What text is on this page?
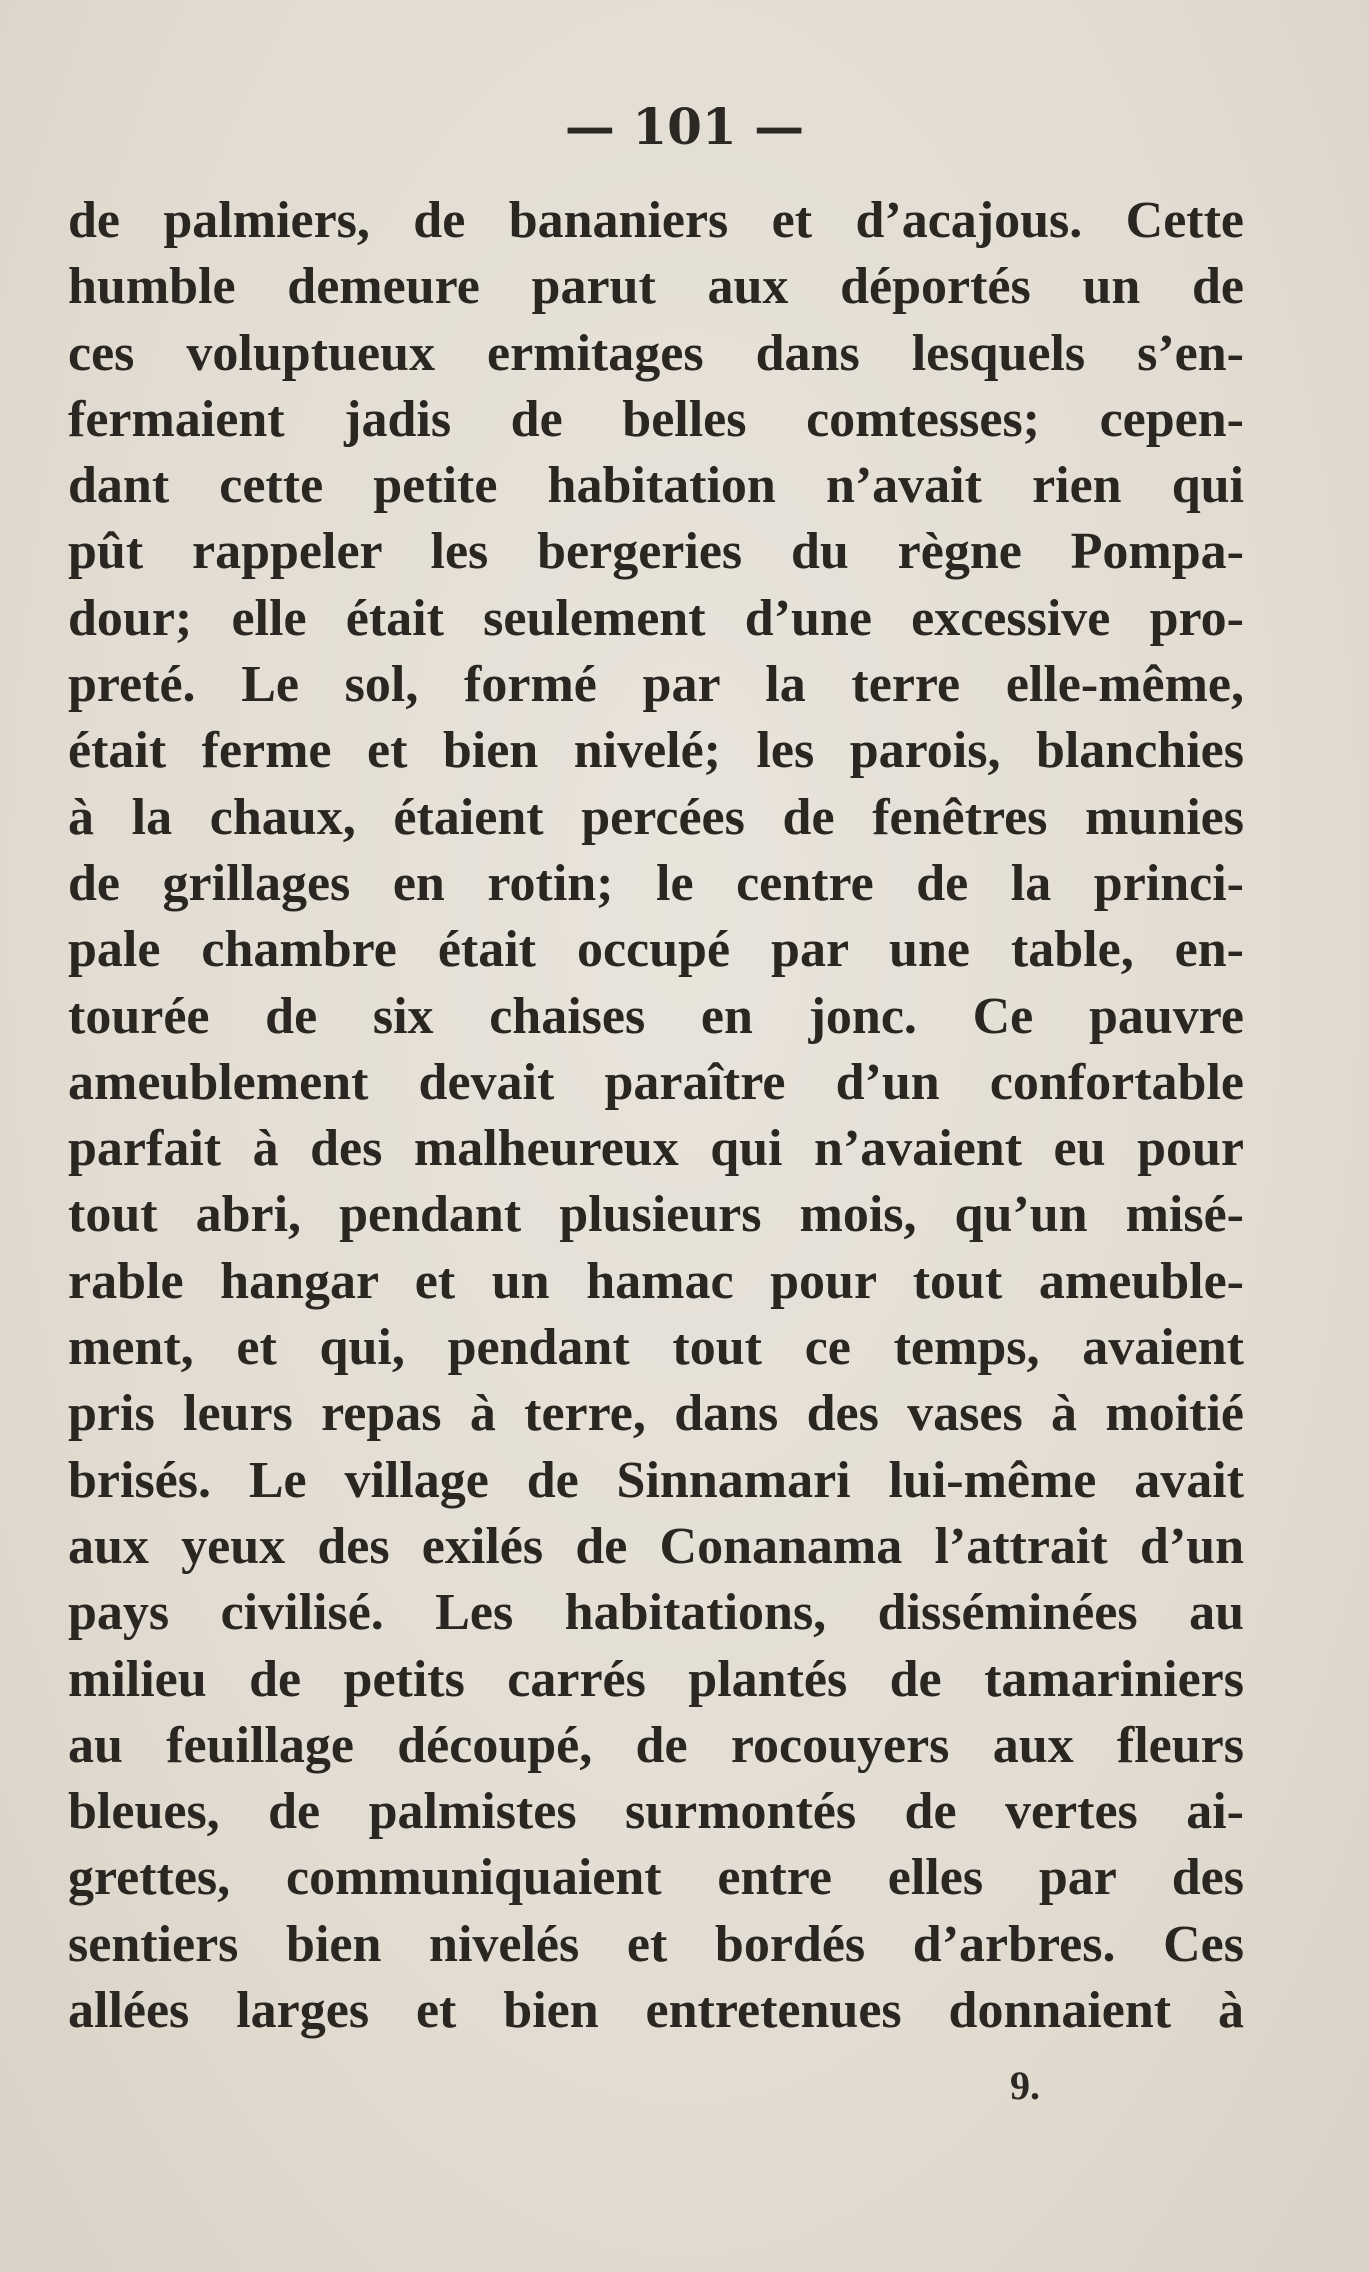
— 101 —
de palmiers, de bananiers et d’acajous. Cette
humble demeure parut aux déportés un de
ces voluptueux ermitages dans lesquels s’en-
fermaient jadis de belles comtesses; cepen-
dant cette petite habitation n’avait rien qui
pût rappeler les bergeries du règne Pompa-
dour; elle était seulement d’une excessive pro-
preté. Le sol, formé par la terre elle-même,
était ferme et bien nivelé; les parois, blanchies
à la chaux, étaient percées de fenêtres munies
de grillages en rotin; le centre de la princi-
pale chambre était occupé par une table, en-
tourée de six chaises en jonc. Ce pauvre
ameublement devait paraître d’un confortable
parfait à des malheureux qui n’avaient eu pour
tout abri, pendant plusieurs mois, qu’un misé-
rable hangar et un hamac pour tout ameuble-
ment, et qui, pendant tout ce temps, avaient
pris leurs repas à terre, dans des vases à moitié
brisés. Le village de Sinnamari lui-même avait
aux yeux des exilés de Conanama l’attrait d’un
pays civilisé. Les habitations, disséminées au
milieu de petits carrés plantés de tamariniers
au feuillage découpé, de rocouyers aux fleurs
bleues, de palmistes surmontés de vertes ai-
grettes, communiquaient entre elles par des
sentiers bien nivelés et bordés d’arbres. Ces
allées larges et bien entretenues donnaient à
9.
